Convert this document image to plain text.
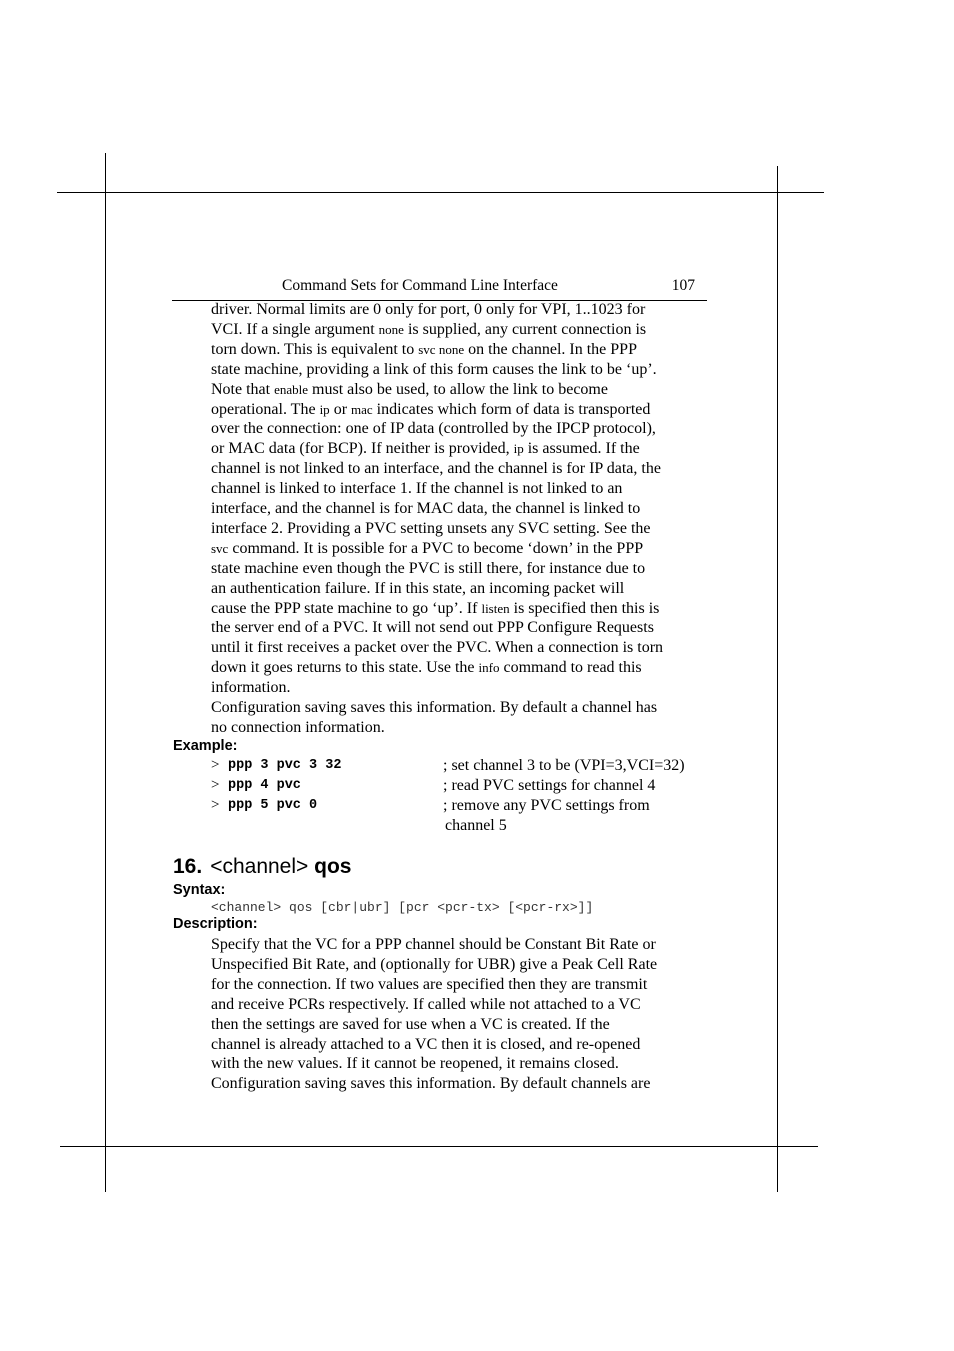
Command Sets for Command Line Interface	107
driver. Normal limits are 0 only for port, 0 only for VPI, 1..1023 for
VCI. If a single argument none is supplied, any current connection is
torn down. This is equivalent to svc none on the channel. In the PPP
state machine, providing a link of this form causes the link to be ‘up’.
Note that enable must also be used, to allow the link to become
operational. The ip or mac indicates which form of data is transported
over the connection: one of IP data (controlled by the IPCP protocol),
or MAC data (for BCP). If neither is provided, ip is assumed. If the
channel is not linked to an interface, and the channel is for IP data, the
channel is linked to interface 1. If the channel is not linked to an
interface, and the channel is for MAC data, the channel is linked to
interface 2. Providing a PVC setting unsets any SVC setting. See the
svc command. It is possible for a PVC to become ‘down’ in the PPP
state machine even though the PVC is still there, for instance due to
an authentication failure. If in this state, an incoming packet will
cause the PPP state machine to go ‘up’. If listen is specified then this is
the server end of a PVC. It will not send out PPP Configure Requests
until it first receives a packet over the PVC. When a connection is torn
down it goes returns to this state. Use the info command to read this
information.
Configuration saving saves this information. By default a channel has
no connection information.
Example:
> ppp 3 pvc 3 32	; set channel 3 to be (VPI=3,VCI=32)
> ppp 4 pvc	; read PVC settings for channel 4
> ppp 5 pvc 0	; remove any PVC settings from
channel 5
16. <channel> qos
Syntax:
<channel> qos [cbr|ubr] [pcr <pcr-tx> [<pcr-rx>]]
Description:
Specify that the VC for a PPP channel should be Constant Bit Rate or
Unspecified Bit Rate, and (optionally for UBR) give a Peak Cell Rate
for the connection. If two values are specified then they are transmit
and receive PCRs respectively. If called while not attached to a VC
then the settings are saved for use when a VC is created. If the
channel is already attached to a VC then it is closed, and re-opened
with the new values. If it cannot be reopened, it remains closed.
Configuration saving saves this information. By default channels are
